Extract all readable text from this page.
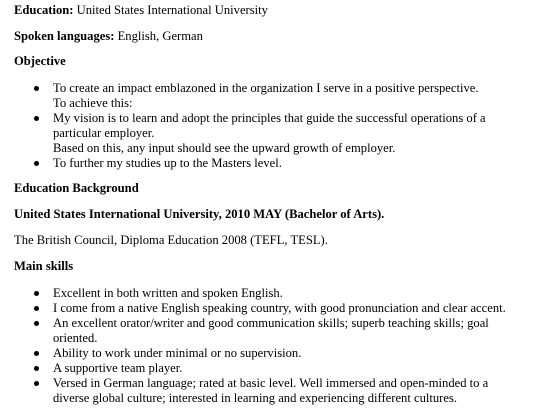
Education: United States International University
Spoken languages: English, German
Objective
To create an impact emblazoned in the organization I serve in a positive perspective.
To achieve this:
My vision is to learn and adopt the principles that guide the successful operations of a
particular employer.
Based on this, any input should see the upward growth of employer.
To further my studies up to the Masters level.
Education Background
United States International University, 2010 MAY (Bachelor of Arts).
The British Council, Diploma Education 2008 (TEFL, TESL).
Main skills
Excellent in both written and spoken English.
I come from a native English speaking country, with good pronunciation and clear accent.
An excellent orator/writer and good communication skills; superb teaching skills; goal
oriented.
Ability to work under minimal or no supervision.
A supportive team player.
Versed in German language; rated at basic level. Well immersed and open-minded to a
diverse global culture; interested in learning and experiencing different cultures.
